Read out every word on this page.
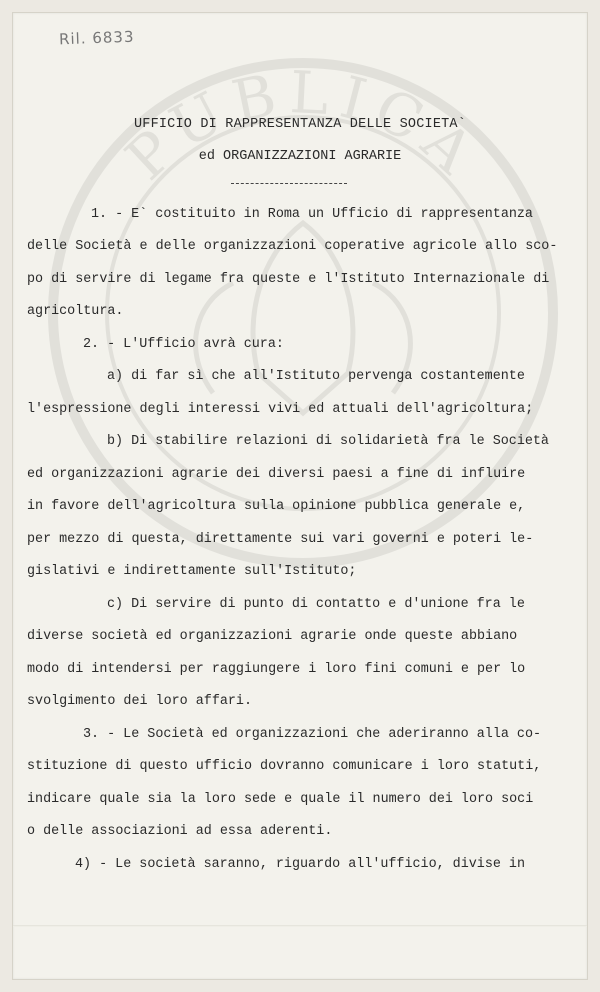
PUBLICA
Ril. 6833
UFFICIO DI RAPPRESENTANZA DELLE SOCIETA`
ed ORGANIZZAZIONI AGRARIE
1. - E` costituito in Roma un Ufficio di rappresentanza
delle Società e delle organizzazioni coperative agricole allo sco-
po di servire di legame fra queste e l'Istituto Internazionale di
agricoltura.
2. - L'Ufficio avrà cura:
a) di far sì che all'Istituto pervenga costantemente
l'espressione degli interessi vivi ed attuali dell'agricoltura;
b) Di stabilire relazioni di solidarietà fra le Società
ed organizzazioni agrarie dei diversi paesi a fine di influire
in favore dell'agricoltura sulla opinione pubblica generale e,
per mezzo di questa, direttamente sui vari governi e poteri le-
gislativi e indirettamente sull'Istituto;
c) Di servire di punto di contatto e d'unione fra le
diverse società ed organizzazioni agrarie onde queste abbiano
modo di intendersi per raggiungere i loro fini comuni e per lo
svolgimento dei loro affari.
3. - Le Società ed organizzazioni che aderiranno alla co-
stituzione di questo ufficio dovranno comunicare i loro statuti,
indicare quale sia la loro sede e quale il numero dei loro soci
o delle associazioni ad essa aderenti.
4) - Le società saranno, riguardo all'ufficio, divise in
